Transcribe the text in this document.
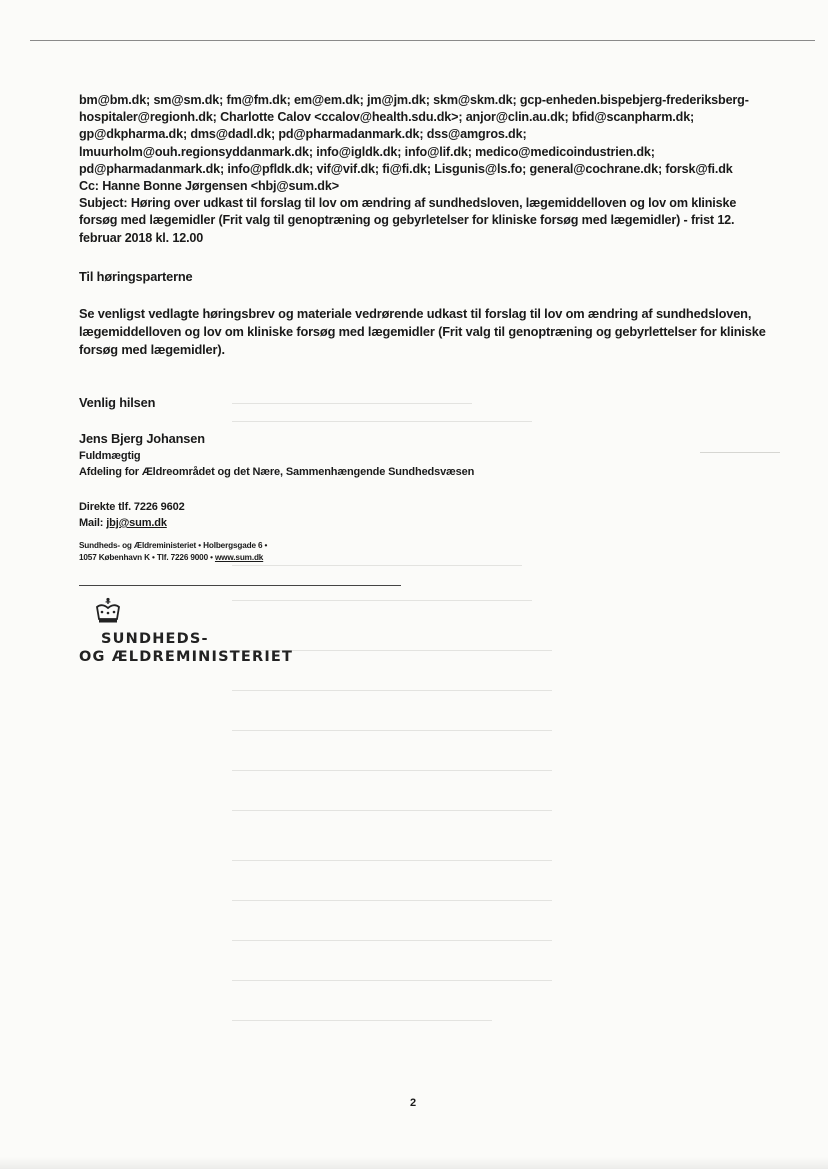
bm@bm.dk; sm@sm.dk; fm@fm.dk; em@em.dk; jm@jm.dk; skm@skm.dk; gcp-enheden.bispebjerg-frederiksberg-

hospitaler@regionh.dk; Charlotte Calov <ccalov@health.sdu.dk>; anjor@clin.au.dk; bfid@scanpharm.dk;

gp@dkpharma.dk; dms@dadl.dk; pd@pharmadanmark.dk; dss@amgros.dk;

lmuurholm@ouh.regionsyddanmark.dk; info@igldk.dk; info@lif.dk; medico@medicoindustrien.dk;

pd@pharmadanmark.dk; info@pfldk.dk; vif@vif.dk; fi@fi.dk; Lisgunis@ls.fo; general@cochrane.dk; forsk@fi.dk

Cc: Hanne Bonne Jørgensen <hbj@sum.dk>

Subject: Høring over udkast til forslag til lov om ændring af sundhedsloven, lægemiddelloven og lov om kliniske

forsøg med lægemidler (Frit valg til genoptræning og gebyrletelser for kliniske forsøg med lægemidler) - frist 12.

februar 2018 kl. 12.00

Til høringsparterne

Se venligst vedlagte høringsbrev og materiale vedrørende udkast til forslag til lov om ændring af sundhedsloven,

lægemiddelloven og lov om kliniske forsøg med lægemidler (Frit valg til genoptræning og gebyrlettelser for kliniske

forsøg med lægemidler).

Venlig hilsen

Jens Bjerg Johansen

Fuldmægtig

Afdeling for Ældreområdet og det Nære, Sammenhængende Sundhedsvæsen

Direkte tlf. 7226 9602

Mail: jbj@sum.dk

Sundheds- og Ældreministeriet • Holbergsgade 6 •

1057 København K • Tlf. 7226 9000 • www.sum.dk

SUNDHEDS-
OG ÆLDREMINISTERIET
2
